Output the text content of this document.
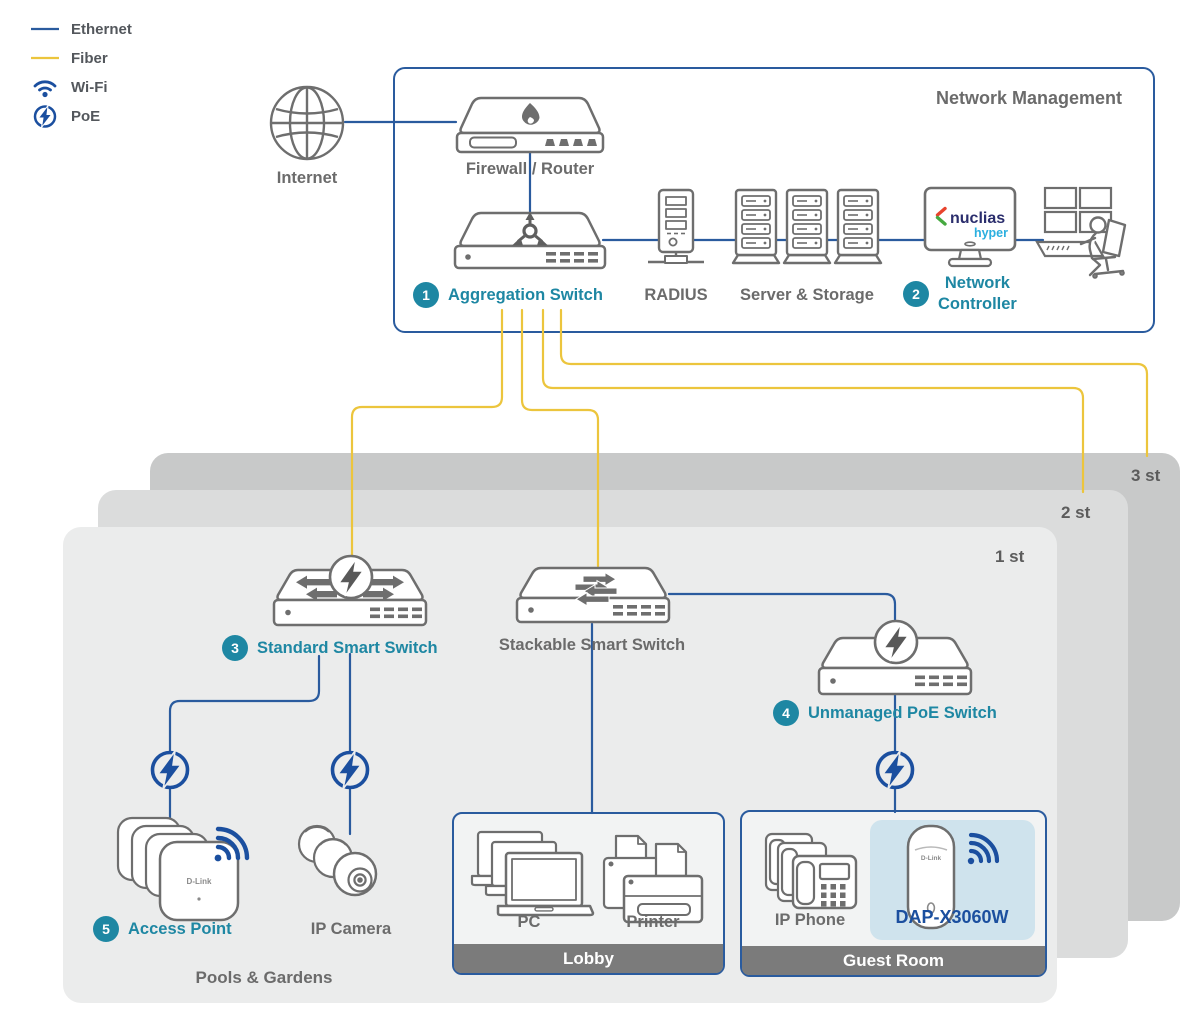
3 st
2 st
1 st
Lobby	Guest Room
Network Management
Ethernet
Fiber
Wi-Fi
PoE
Internet	Firewall / Router
1	Aggregation Switch	RADIUS Server & Storage
nuclias
hyper
2
Network
Controller
3	Standard Smart Switch	Stackable Smart Switch
4	Unmanaged PoE Switch
D-Link
5	Access Point	IP Camera
Pools & Gardens
PC	Printer	IP Phone
D-Link
DAP-X3060W
